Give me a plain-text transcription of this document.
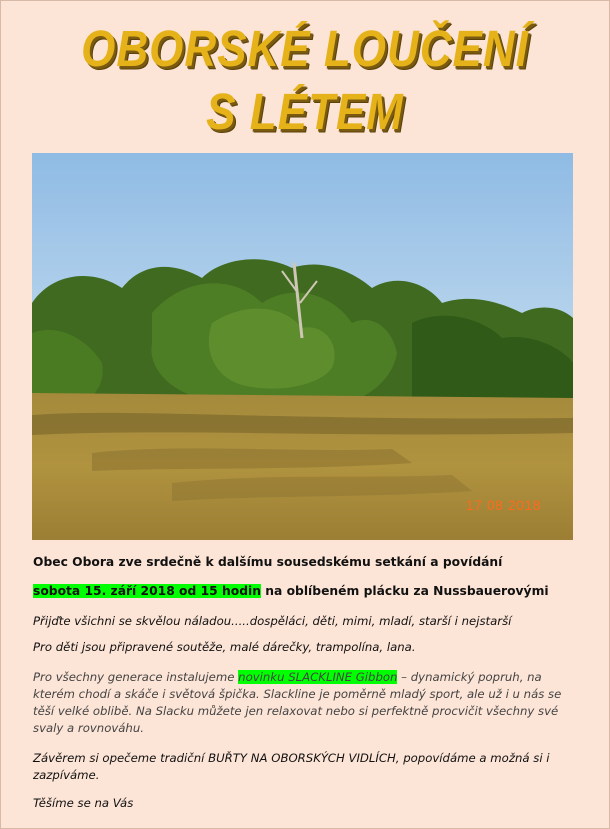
OBORSKÉ LOUČENÍ
S LÉTEM
17 08 2018
Obec Obora zve srdečně k dalšímu sousedskému setkání a povídání
sobota 15. září 2018 od 15 hodin na oblíbeném plácku za Nussbauerovými
Přijďte všichni se skvělou náladou.....dospěláci, děti, mimi, mladí, starší i nejstarší
Pro děti jsou připravené soutěže, malé dárečky, trampolína, lana.
Pro všechny generace instalujeme novinku SLACKLINE Gibbon – dynamický popruh, na kterém chodí a skáče i světová špička. Slackline je poměrně mladý sport, ale už i u nás se těší velké oblibě. Na Slacku můžete jen relaxovat nebo si perfektně procvičit všechny své svaly a rovnováhu.
Závěrem si opečeme tradiční BUŘTY NA OBORSKÝCH VIDLÍCH, popovídáme a možná si i zazpíváme.
Těšíme se na Vás
